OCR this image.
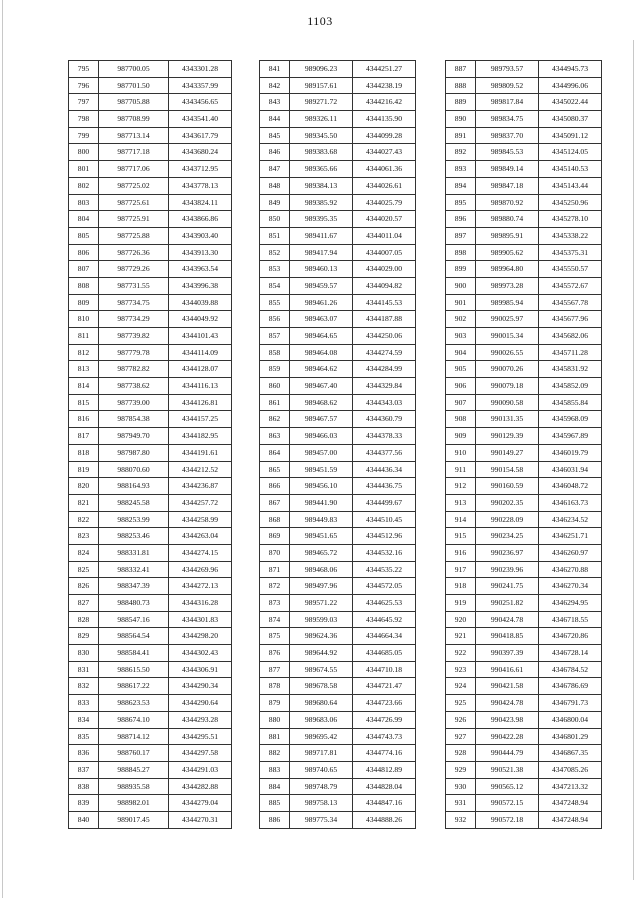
1103
795	987700.05	4343301.28
796	987701.50	4343357.99
797	987705.88	4343456.65
798	987708.99	4343541.40
799	987713.14	4343617.79
800	987717.18	4343680.24
801	987717.06	4343712.95
802	987725.02	4343778.13
803	987725.61	4343824.11
804	987725.91	4343866.86
805	987725.88	4343903.40
806	987726.36	4343913.30
807	987729.26	4343963.54
808	987731.55	4343996.38
809	987734.75	4344039.88
810	987734.29	4344049.92
811	987739.82	4344101.43
812	987779.78	4344114.09
813	987782.82	4344128.07
814	987738.62	4344116.13
815	987739.00	4344126.81
816	987854.38	4344157.25
817	987949.70	4344182.95
818	987987.80	4344191.61
819	988070.60	4344212.52
820	988164.93	4344236.87
821	988245.58	4344257.72
822	988253.99	4344258.99
823	988253.46	4344263.04
824	988331.81	4344274.15
825	988332.41	4344269.96
826	988347.39	4344272.13
827	988480.73	4344316.28
828	988547.16	4344301.83
829	988564.54	4344298.20
830	988584.41	4344302.43
831	988615.50	4344306.91
832	988617.22	4344290.34
833	988623.53	4344290.64
834	988674.10	4344293.28
835	988714.12	4344295.51
836	988760.17	4344297.58
837	988845.27	4344291.03
838	988935.58	4344282.88
839	988982.01	4344279.04
840	989017.45	4344270.31
841	989096.23	4344251.27
842	989157.61	4344238.19
843	989271.72	4344216.42
844	989326.11	4344135.90
845	989345.50	4344099.28
846	989383.68	4344027.43
847	989365.66	4344061.36
848	989384.13	4344026.61
849	989385.92	4344025.79
850	989395.35	4344020.57
851	989411.67	4344011.04
852	989417.94	4344007.05
853	989460.13	4344029.00
854	989459.57	4344094.82
855	989461.26	4344145.53
856	989463.07	4344187.88
857	989464.65	4344250.06
858	989464.08	4344274.59
859	989464.62	4344284.99
860	989467.40	4344329.84
861	989468.62	4344343.03
862	989467.57	4344360.79
863	989466.03	4344378.33
864	989457.00	4344377.56
865	989451.59	4344436.34
866	989456.10	4344436.75
867	989441.90	4344499.67
868	989449.83	4344510.45
869	989451.65	4344512.96
870	989465.72	4344532.16
871	989468.06	4344535.22
872	989497.96	4344572.05
873	989571.22	4344625.53
874	989599.03	4344645.92
875	989624.36	4344664.34
876	989644.92	4344685.05
877	989674.55	4344710.18
878	989678.58	4344721.47
879	989680.64	4344723.66
880	989683.06	4344726.99
881	989695.42	4344743.73
882	989717.81	4344774.16
883	989740.65	4344812.89
884	989748.79	4344828.04
885	989758.13	4344847.16
886	989775.34	4344888.26
887	989793.57	4344945.73
888	989809.52	4344996.06
889	989817.84	4345022.44
890	989834.75	4345080.37
891	989837.70	4345091.12
892	989845.53	4345124.05
893	989849.14	4345140.53
894	989847.18	4345143.44
895	989870.92	4345250.96
896	989880.74	4345278.10
897	989895.91	4345338.22
898	989905.62	4345375.31
899	989964.80	4345550.57
900	989973.28	4345572.67
901	989985.94	4345567.78
902	990025.97	4345677.96
903	990015.34	4345682.06
904	990026.55	4345711.28
905	990070.26	4345831.92
906	990079.18	4345852.09
907	990090.58	4345855.84
908	990131.35	4345968.09
909	990129.39	4345967.89
910	990149.27	4346019.79
911	990154.58	4346031.94
912	990160.59	4346048.72
913	990202.35	4346163.73
914	990228.09	4346234.52
915	990234.25	4346251.71
916	990236.97	4346260.97
917	990239.96	4346270.88
918	990241.75	4346270.34
919	990251.82	4346294.95
920	990424.78	4346718.55
921	990418.85	4346720.86
922	990397.39	4346728.14
923	990416.61	4346784.52
924	990421.58	4346786.69
925	990424.78	4346791.73
926	990423.98	4346800.04
927	990422.28	4346801.29
928	990444.79	4346867.35
929	990521.38	4347085.26
930	990565.12	4347213.32
931	990572.15	4347248.94
932	990572.18	4347248.94
